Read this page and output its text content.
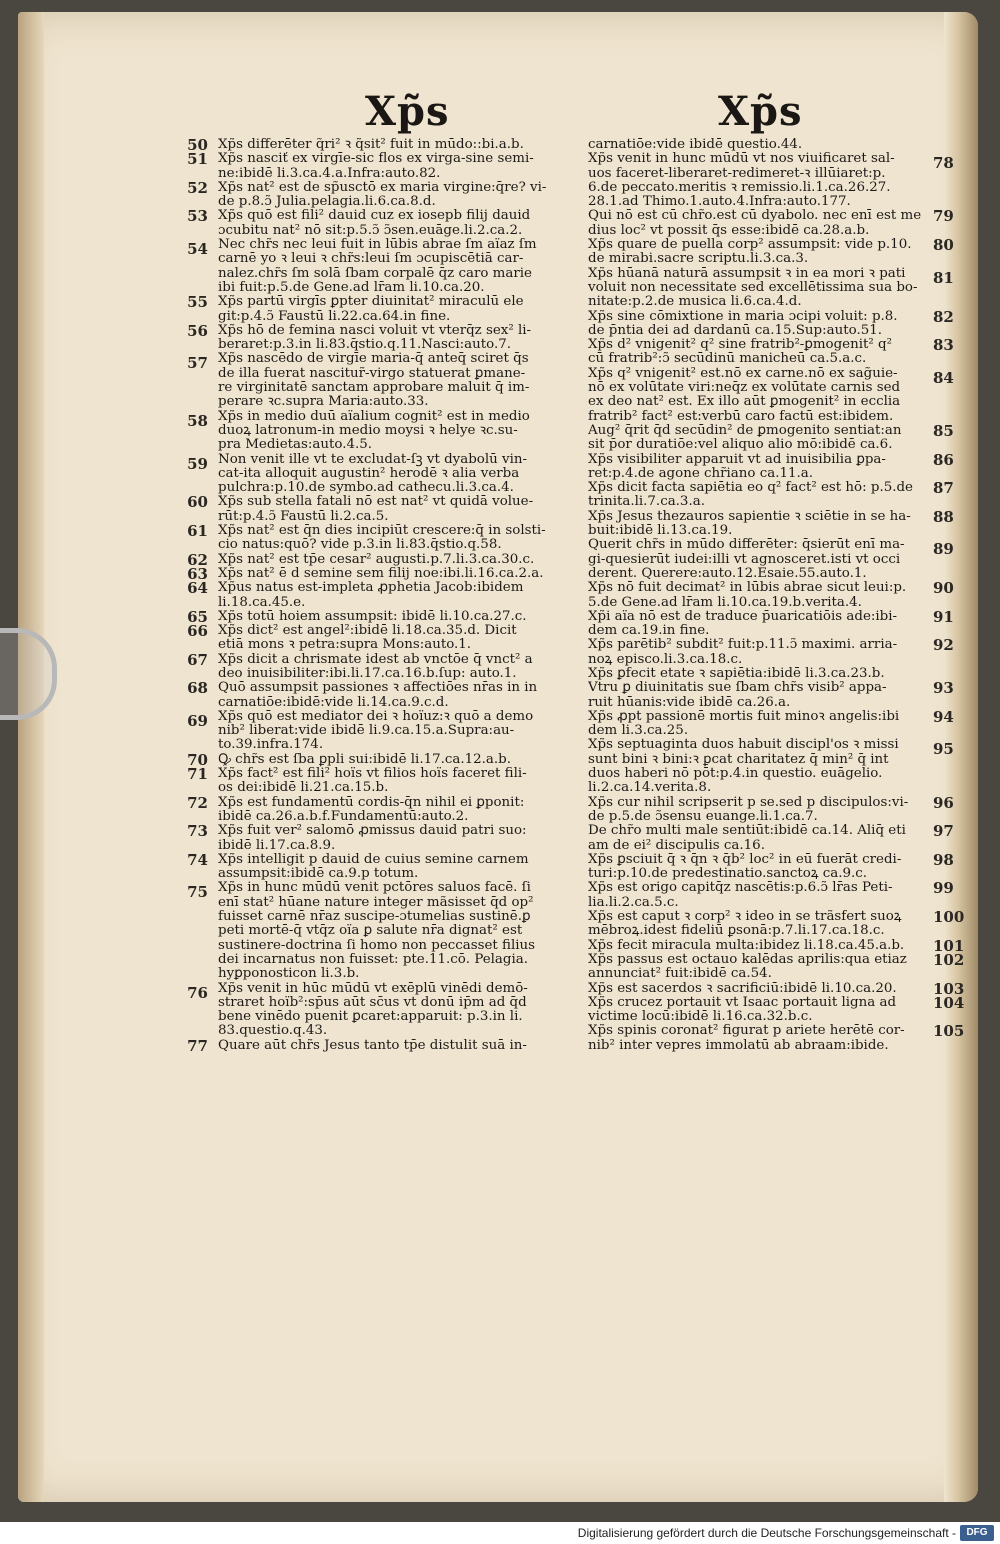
Xp̃s	Xp̃s
50 Xp̃s differēter q̃ri² ꝛ q̃sit² fuit in mūdo::bi.a.b.
51 Xp̃s nasciť ex virgīe-sic flos ex virga-sine semi-
ne:ibidē li.3.ca.4.a.Infra:auto.82.
52 Xp̃s nat² est de sp̃usctō ex maria virgine:q̄re? vi-
de p.8.ɔ̃ Julia.pelagia.li.6.ca.8.d.
53 Xp̃s quō est fili² dauid cuz ex iosepb filij dauid
ɔcubitu nat² nō sit:p.5.ɔ̃ ɔ̃sen.euāge.li.2.ca.2.
54 Nec chr̃s nec leui fuit in lūbis abrae ſm aïaz ſm
carnē yo ꝛ leui ꝛ chr̃s:leui ſm ɔcupiscētiā car-
nalez.chr̃s ſm solā ſbam corpalē q̄z caro marie
ibi fuit:p.5.de Gene.ad lr̄am li.10.ca.20.
55 Xp̃s partū virgīs ꝑpter diuinitat² miraculū ele
git:p.4.ɔ̃ Faustū li.22.ca.64.in fine.
56 Xp̃s hō de femina nasci voluit vt vterq̄z sex² li-
beraret:p.3.in li.83.q̄stio.q.11.Nasci:auto.7.
57 Xp̃s nascēdo de virgīe maria-q̄ anteq̄ sciret q̄s
de illa fuerat nascitur̃-virgo statuerat ꝑmane-
re virginitatē sanctam approbare maluit q̄ im-
perare ꝛc.supra Maria:auto.33.
58 Xp̃s in medio duū aïalium cognit² est in medio
duoꝝ latronum-in medio moysi ꝛ helye ꝛc.su-
pra Medietas:auto.4.5.
59 Non venit ille vt te excludat-ſꝫ vt dyabolū vin-
cat-ita alloquit̃ augustin² herodē ꝛ alia verba
pulchra:p.10.de symbo.ad cathecu.li.3.ca.4.
60 Xp̃s sub stella fatali nō est nat² vt quidā volue-
rūt:p.4.ɔ̃ Faustū li.2.ca.5.
61 Xp̃s nat² est q̄n dies incipiūt crescere:q̄ in solsti-
cio natus:quō? vide p.3.in li.83.q̄stio.q.58.
62 Xp̃s nat² est tp̄e cesar² augusti.p.7.li.3.ca.30.c.
63 Xp̃s nat² ē d semine sem filij noe:ibi.li.16.ca.2.a.
64 Xp̃us natus est-impleta ꝓphetia Jacob:ibidem
li.18.ca.45.e.
65 Xp̃s totū hoiem assumpsit: ibidē li.10.ca.27.c.
66 Xp̃s dict² est angel²:ibidē li.18.ca.35.d. Dicit̃
etiā mons ꝛ petra:supra Mons:auto.1.
67 Xp̃s dicit̃ a chrismate idest ab vnctōe q̄ vnct² a
deo inuisibiliter:ibi.li.17.ca.16.b.ſup: auto.1.
68 Quō assumpsit passiones ꝛ affectiōes nr̄as in in
carnatiōe:ibidē:vide li.14.ca.9.c.d.
69 Xp̃s quō est mediator dei ꝛ hoïuz:ꝛ quō a demo
nib² liberat:vide ibidē li.9.ca.15.a.Supra:au-
to.39.infra.174.
70 Ꝙ chr̃s est ſba ꝑpli sui:ibidē li.17.ca.12.a.b.
71 Xp̃s fact² est fili² hoïs vt filios hoïs faceret fili-
os dei:ibidē li.21.ca.15.b.
72 Xp̃s est fundamentū cordis-q̄n nihil ei ꝑponit̃:
ibidē ca.26.a.b.f.Fundamentū:auto.2.
73 Xp̃s fuit ver² salomō ꝓmissus dauid patri suo:
ibidē li.17.ca.8.9.
74 Xp̃s intelligit̃ p dauid de cuius semine carnem
assumpsit:ibidē ca.9.p totum.
75 Xp̃s in hunc mūdū venit pctōres saluos facē. ſi
enī stat² hūane nature integer mãsisset q̄d op²
fuisset carnē nr̄az suscipe-ɔtumelias sustinē.ꝑ
peti mortē-q̄ vtq̄z oïa ꝑ salute nr̄a dignat² est
sustinere-doctrina ſi homo non peccasset filius
dei incarnatus non fuisset: pte.11.cō. Pelagia.
hyꝑponosticon li.3.b.
76 Xp̃s venit in hūc mūdū vt exēplū vinēdi demō-
straret hoïb²:sp̄us aūt sc̄us vt donū ip̄m ad q̄d
bene vinēdo puenit̃ ꝑcaret:apparuit: p.3.in li.
83.questio.q.43.
77 Quare aūt chr̃s Jesus tanto tp̄e distulit suā in-
carnatiōe:vide ibidē questio.44.
78
Xp̃s venit in hunc mūdū vt nos viuificaret sal-
uos faceret-liberaret-redimeret-ꝛ illūiaret:p.
6.de peccato.meritis ꝛ remissio.li.1.ca.26.27.
28.1.ad Thimo.1.auto.4.Infra:auto.177.
79
Qui nō est cū chr̃o.est cū dyabolo. nec enī est me
dius loc² vt possit q̄s esse:ibidē ca.28.a.b.
80
Xp̃s quare de puella corp² assumpsit: vide p.10.
de mirabi.sacre scriptu.li.3.ca.3.
81
Xp̃s hūanā naturā assumpsit ꝛ in ea mori ꝛ pati
voluit non necessitate sed excellētissima sua bo-
nitate:p.2.de musica li.6.ca.4.d.
82
Xp̃s sine cōmixtione in maria ɔcipi voluit: p.8.
de p̄ntia dei ad dardanū ca.15.Sup:auto.51.
83
Xp̃s d² vnigenit² q² sine fratrib²-ꝑmogenit² q²
cū fratrib²:ɔ̃ secūdinū manicheū ca.5.a.c.
84
Xp̃s q² vnigenit² est.nō ex carne.nō ex sag̃uie-
nō ex volūtate viri:neq̄z ex volūtate carnis sed
ex deo nat² est. Ex illo aūt ꝑmogenit² in eccl̄ia
fratrib² fact² est:verbū caro factū est:ibidem.
85
Aug² q̄rit q̄d secūdin² de ꝑmogenito sentiat:an
sit p̄or duratiōe:vel aliquo alio mō:ibidē ca.6.
86
Xp̃s visibiliter apparuit vt ad inuisibilia ꝑpa-
ret:p.4.de agone chr̃iano ca.11.a.
87
Xp̃s dicit̃ facta sapiētia eo q² fact² est hō: p.5.de
trinita.li.7.ca.3.a.
88
Xp̃s Jesus thezauros sapientie ꝛ sciētie in se ha-
buit:ibidē li.13.ca.19.
89
Querit̃ chr̃s in mūdo differēter: q̄sierūt enī ma-
gi-quesierūt iudei:illi vt agnosceret.isti vt occi
derent. Querere:auto.12.Esaie.55.auto.1.
90
Xp̃s nō fuit decimat² in lūbis abrae sicut leui:p.
5.de Gene.ad lr̄am li.10.ca.19.b.verita.4.
91
Xp̃i aïa nō est de traduce p̄uaricatiōis ade:ibi-
dem ca.19.in fine.
92
Xp̃s parētib² subdit² fuit:p.11.ɔ̃ maximi. arria-
noꝝ episco.li.3.ca.18.c.
Xp̃s ꝑfecit etate ꝛ sapiētia:ibidē li.3.ca.23.b.
93
Vtru ꝑ diuinitatis sue ſbam chr̃s visib² appa-
ruit hūanis:vide ibidē ca.26.a.
94
Xp̃s ꝓpt passionē mortis fuit minoꝛ angelis:ibi
dem li.3.ca.25.
95
Xp̃s septuaginta duos habuit discipl'os ꝛ missi
sunt bini ꝛ bini:ꝛ ꝑcat charitatez q̄ min² q̄ int̃
duos haberi nō pōt:p.4.in questio. euāgelio.
li.2.ca.14.verita.8.
96
Xp̃s cur nihil scripserit p se.sed p discipulos:vi-
de p.5.de ɔ̃sensu euange.li.1.ca.7.
97
De chr̃o multi male sentiūt:ibidē ca.14. Aliq̄ eti
am de ei² discipulis ca.16.
98
Xp̃s ꝑsciuit q̄ ꝛ q̄n ꝛ q̄b² loc² in eū fuerāt credi-
turi:p.10.de predestinatio.sanctoꝝ ca.9.c.
99
Xp̃s est origo capitq̄z nascētis:p.6.ɔ̃ lr̄as Peti-
lia.li.2.ca.5.c.
100
Xp̃s est caput ꝛ corp² ꝛ ideo in se trãsfert suoꝝ
mēbroꝝ.idest fideliū ꝑsonā:p.7.li.17.ca.18.c.
101
Xp̃s fecit miracula multa:ibidez li.18.ca.45.a.b.
102
Xp̃s passus est octauo kalēdas aprilis:qua etiaz
annunciat² fuit:ibidē ca.54.
103
Xp̃s est sacerdos ꝛ sacrificiū:ibidē li.10.ca.20.
104
Xp̃s crucez portauit vt Isaac portauit ligna ad
victime locū:ibidē li.16.ca.32.b.c.
105
Xp̃s spinis coronat² figurat̃ p ariete herētē cor-
nib² inter vepres immolatū ab abraam:ibide.
Digitalisierung gefördert durch die Deutsche Forschungsgemeinschaft -	DFG
